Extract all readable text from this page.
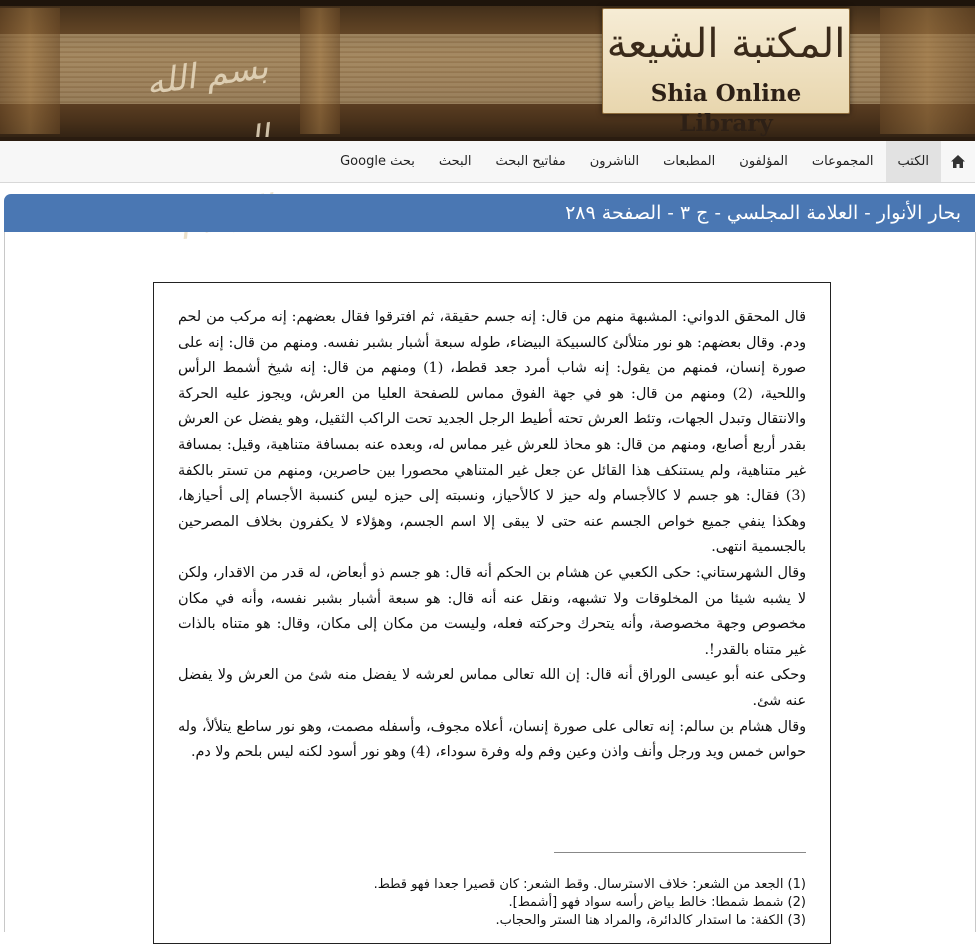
بسم الله
المكتبة الشيعة
Shia Online Library
الكتب
المجموعات
المؤلفون
المطبعات
الناشرون
مفاتيح البحث
البحث
بحث Google
بحار الأنوار - العلامة المجلسي - ج ٣ - الصفحة ٢٨٩

قال المحقق الدواني: المشبهة منهم من قال: إنه جسم حقيقة، ثم افترقوا فقال بعضهم: إنه مركب من لحم ودم. وقال بعضهم: هو نور متلألئ كالسبيكة البيضاء، طوله سبعة أشبار بشبر نفسه. ومنهم من قال: إنه على صورة إنسان، فمنهم من يقول: إنه شاب أمرد جعد قطط، (1) ومنهم من قال: إنه شيخ أشمط الرأس واللحية، (2) ومنهم من قال: هو في جهة الفوق مماس للصفحة العليا من العرش، ويجوز عليه الحركة والانتقال وتبدل الجهات، وتئط العرش تحته أطيط الرجل الجديد تحت الراكب الثقيل، وهو يفضل عن العرش بقدر أربع أصابع، ومنهم من قال: هو محاذ للعرش غير مماس له، وبعده عنه بمسافة متناهية، وقيل: بمسافة غير متناهية، ولم يستنكف هذا القائل عن جعل غير المتناهي محصورا بين حاصرين، ومنهم من تستر بالكفة (3) فقال: هو جسم لا كالأجسام وله حيز لا كالأحياز، ونسبته إلى حيزه ليس كنسبة الأجسام إلى أحيازها، وهكذا ينفي جميع خواص الجسم عنه حتى لا يبقى إلا اسم الجسم، وهؤلاء لا يكفرون بخلاف المصرحين بالجسمية انتهى.

وقال الشهرستاني: حكى الكعبي عن هشام بن الحكم أنه قال: هو جسم ذو أبعاض، له قدر من الاقدار، ولكن لا يشبه شيئا من المخلوقات ولا تشبهه، ونقل عنه أنه قال: هو سبعة أشبار بشبر نفسه، وأنه في مكان مخصوص وجهة مخصوصة، وأنه يتحرك وحركته فعله، وليست من مكان إلى مكان، وقال: هو متناه بالذات غير متناه بالقدر!.

وحكى عنه أبو عيسى الوراق أنه قال: إن الله تعالى مماس لعرشه لا يفضل منه شئ من العرش ولا يفضل عنه شئ.

وقال هشام بن سالم: إنه تعالى على صورة إنسان، أعلاه مجوف، وأسفله مصمت، وهو نور ساطع يتلألأ، وله حواس خمس ويد ورجل وأنف واذن وعين وفم وله وفرة سوداء، (4) وهو نور أسود لكنه ليس بلحم ولا دم.

(1) الجعد من الشعر: خلاف الاسترسال. وقط الشعر: كان قصيرا جعدا فهو قطط.
(2) شمط شمطا: خالط بياض رأسه سواد فهو [أشمط].
(3) الكفة: ما استدار كالدائرة، والمراد هنا الستر والحجاب.
